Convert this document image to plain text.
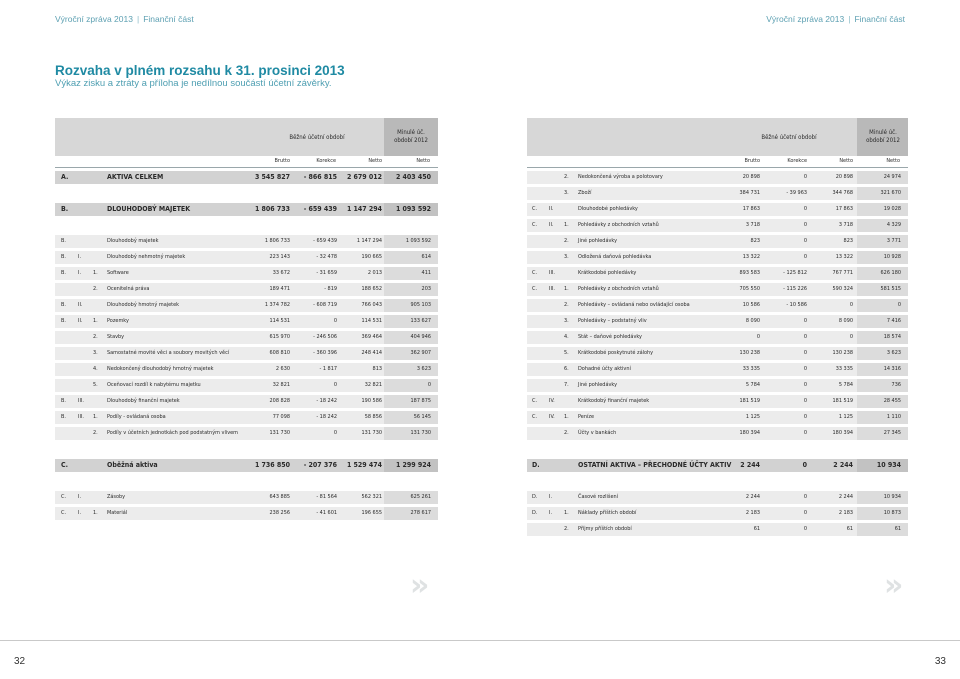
Výroční zpráva 2013 | Finanční část	Výroční zpráva 2013 | Finanční část
Rozvaha v plném rozsahu k 31. prosinci 2013
Výkaz zisku a ztráty a příloha je nedílnou součástí účetní závěrky.
Běžné účetní období
Minulé úč. období 2012
Brutto	Korekce	Netto	Netto
Běžné účetní období
Minulé úč. období 2012
Brutto	Korekce	Netto	Netto
A.	AKTIVA CELKEM	3 545 827	- 866 815	2 679 012	2 403 450
B.	DLOUHODOBÝ MAJETEK	1 806 733	- 659 439	1 147 294	1 093 592
B.	Dlouhodobý majetek	1 806 733	- 659 439	1 147 294	1 093 592
B. I.	Dlouhodobý nehmotný majetek	223 143	- 32 478	190 665	614
B. I. 1. Software	33 672	- 31 659	2 013	411
2. Ocenitelná práva	189 471	- 819	188 652	203
B. II.	Dlouhodobý hmotný majetek	1 374 782	- 608 719	766 043	905 103
B. II. 1. Pozemky	114 531	0	114 531	133 627
2. Stavby	615 970	- 246 506	369 464	404 946
3. Samostatné movité věci a soubory movitých věcí	608 810	- 360 396	248 414	362 907
4. Nedokončený dlouhodobý hmotný majetek	2 630	- 1 817	813	3 623
5. Oceňovací rozdíl k nabytému majetku	32 821	0	32 821	0
B. III.	Dlouhodobý finanční majetek	208 828	- 18 242	190 586	187 875
B. III. 1. Podíly - ovládaná osoba	77 098	- 18 242	58 856	56 145
2. Podíly v účetních jednotkách pod podstatným vlivem	131 730	0	131 730	131 730
C.	Oběžná aktiva	1 736 850	- 207 376	1 529 474	1 299 924
C. I.	Zásoby	643 885	- 81 564	562 321	625 261
C. I. 1. Materiál	238 256	- 41 601	196 655	278 617
2. Nedokončená výroba a polotovary	20 898	0	20 898	24 974
3. Zboží	384 731	- 39 963	344 768	321 670
C. II.	Dlouhodobé pohledávky	17 863	0	17 863	19 028
C. II. 1. Pohledávky z obchodních vztahů	3 718	0	3 718	4 329
2. Jiné pohledávky	823	0	823	3 771
3. Odložená daňová pohledávka	13 322	0	13 322	10 928
C. III.	Krátkodobé pohledávky	893 583	- 125 812	767 771	626 180
C. III. 1. Pohledávky z obchodních vztahů	705 550	- 115 226	590 324	581 515
2. Pohledávky – ovládaná nebo ovládající osoba	10 586	- 10 586	0	0
3. Pohledávky – podstatný vliv	8 090	0	8 090	7 416
4. Stát – daňové pohledávky	0	0	0	18 574
5. Krátkodobé poskytnuté zálohy	130 238	0	130 238	3 623
6. Dohadné účty aktivní	33 335	0	33 335	14 316
7. Jiné pohledávky	5 784	0	5 784	736
C. IV.	Krátkodobý finanční majetek	181 519	0	181 519	28 455
C. IV. 1. Peníze	1 125	0	1 125	1 110
2. Účty v bankách	180 394	0	180 394	27 345
D.	OSTATNÍ AKTIVA – PŘECHODNÉ ÚČTY AKTIV	2 244	0	2 244	10 934
D. I.	Časové rozlišení	2 244	0	2 244	10 934
D. I. 1. Náklady příštích období	2 183	0	2 183	10 873
2. Příjmy příštích období	61	0	61	61
»	»
32	33
